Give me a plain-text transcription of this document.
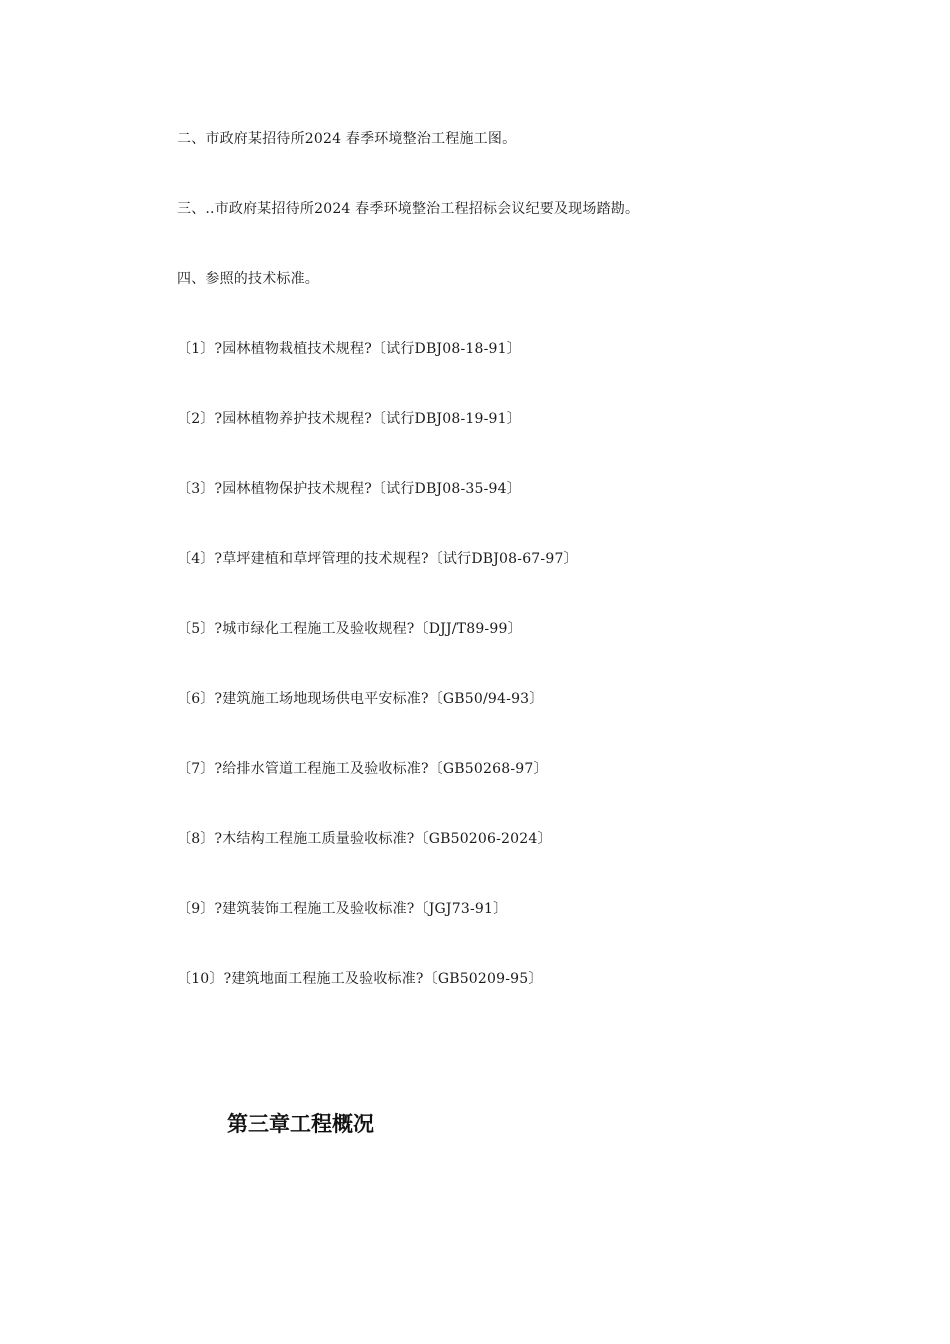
二、市政府某招待所2024 春季环境整治工程施工图。
三、..市政府某招待所2024 春季环境整治工程招标会议纪要及现场踏勘。
四、参照的技术标准。
〔1〕?园林植物栽植技术规程?〔试行DBJ08-18-91〕
〔2〕?园林植物养护技术规程?〔试行DBJ08-19-91〕
〔3〕?园林植物保护技术规程?〔试行DBJ08-35-94〕
〔4〕?草坪建植和草坪管理的技术规程?〔试行DBJ08-67-97〕
〔5〕?城市绿化工程施工及验收规程?〔DJJ/T89-99〕
〔6〕?建筑施工场地现场供电平安标准?〔GB50/94-93〕
〔7〕?给排水管道工程施工及验收标准?〔GB50268-97〕
〔8〕?木结构工程施工质量验收标准?〔GB50206-2024〕
〔9〕?建筑装饰工程施工及验收标准?〔JGJ73-91〕
〔10〕?建筑地面工程施工及验收标准?〔GB50209-95〕
第三章工程概况
